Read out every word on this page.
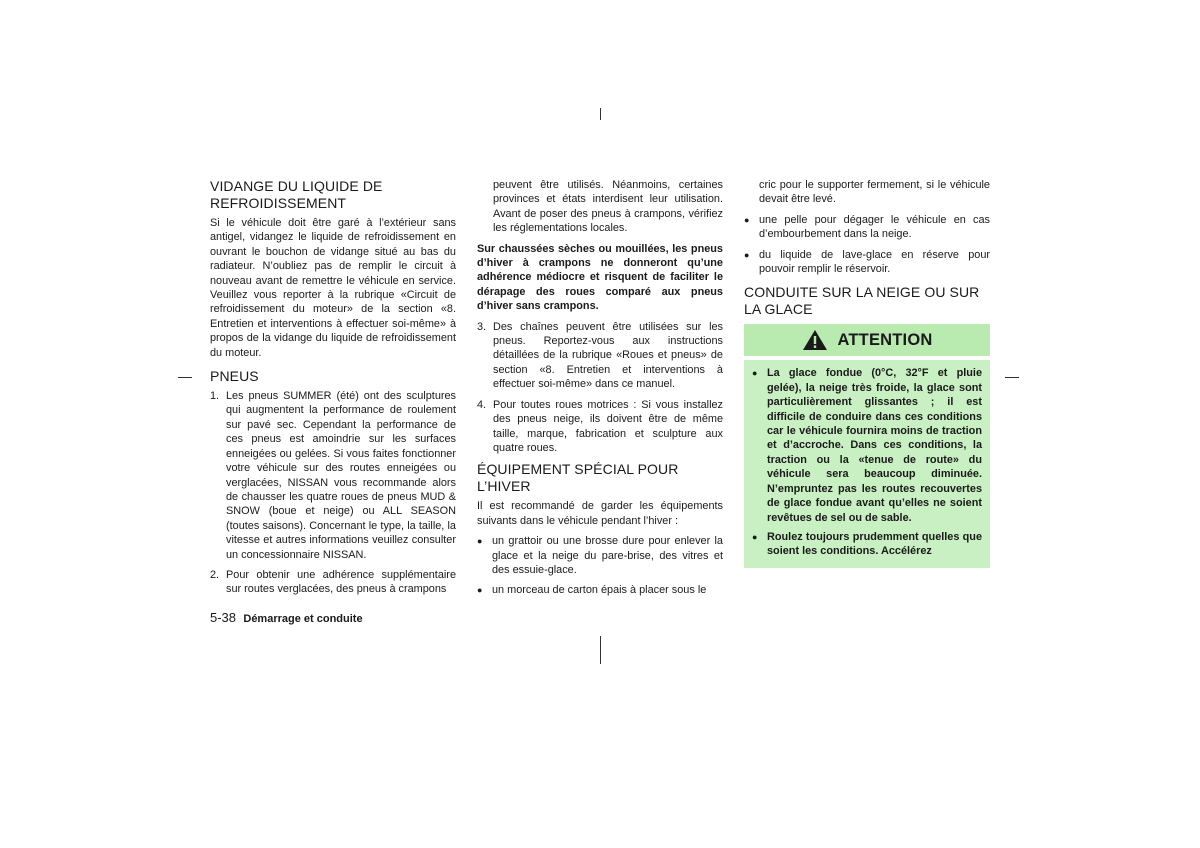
VIDANGE DU LIQUIDE DE REFROIDISSEMENT

Si le véhicule doit être garé à l’extérieur sans antigel, vidangez le liquide de refroidissement en ouvrant le bouchon de vidange situé au bas du radiateur. N’oubliez pas de remplir le circuit à nouveau avant de remettre le véhicule en service. Veuillez vous reporter à la rubrique «Circuit de refroidissement du moteur» de la section «8. Entretien et interventions à effectuer soi-même» à propos de la vidange du liquide de refroidissement du moteur.

PNEUS
1. Les pneus SUMMER (été) ont des sculptures qui augmentent la performance de roulement sur pavé sec. Cependant la performance de ces pneus est amoindrie sur les surfaces enneigées ou gelées. Si vous faites fonctionner votre véhicule sur des routes enneigées ou verglacées, NISSAN vous recommande alors de chausser les quatre roues de pneus MUD & SNOW (boue et neige) ou ALL SEASON (toutes saisons). Concernant le type, la taille, la vitesse et autres informations veuillez consulter un concessionnaire NISSAN.
2. Pour obtenir une adhérence supplémentaire sur routes verglacées, des pneus à crampons
peuvent être utilisés. Néanmoins, certaines provinces et états interdisent leur utilisation. Avant de poser des pneus à crampons, vérifiez les réglementations locales.

Sur chaussées sèches ou mouillées, les pneus d’hiver à crampons ne donneront qu’une adhérence médiocre et risquent de faciliter le dérapage des roues comparé aux pneus d’hiver sans crampons.

3. Des chaînes peuvent être utilisées sur les pneus. Reportez-vous aux instructions détaillées de la rubrique «Roues et pneus» de section «8. Entretien et interventions à effectuer soi-même» dans ce manuel.
4. Pour toutes roues motrices : Si vous installez des pneus neige, ils doivent être de même taille, marque, fabrication et sculpture aux quatre roues.
ÉQUIPEMENT SPÉCIAL POUR L’HIVER

Il est recommandé de garder les équipements suivants dans le véhicule pendant l’hiver :

● un grattoir ou une brosse dure pour enlever la glace et la neige du pare-brise, des vitres et des essuie-glace.
● un morceau de carton épais à placer sous le
cric pour le supporter fermement, si le véhicule devait être levé.
● une pelle pour dégager le véhicule en cas d’embourbement dans la neige.
● du liquide de lave-glace en réserve pour pouvoir remplir le réservoir.
CONDUITE SUR LA NEIGE OU SUR LA GLACE
ATTENTION
● La glace fondue (0°C, 32°F et pluie gelée), la neige très froide, la glace sont particulièrement glissantes ; il est difficile de conduire dans ces conditions car le véhicule fournira moins de traction et d’accroche. Dans ces conditions, la traction ou la «tenue de route» du véhicule sera beaucoup diminuée. N’empruntez pas les routes recouvertes de glace fondue avant qu’elles ne soient revêtues de sel ou de sable.
● Roulez toujours prudemment quelles que soient les conditions. Accélérez
5-38 Démarrage et conduite
